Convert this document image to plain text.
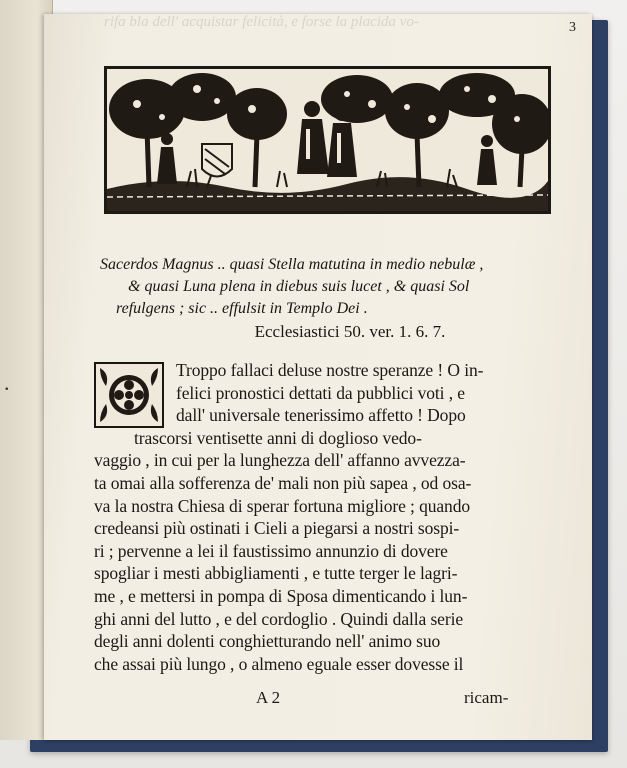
.
rifa bla dell' acquistar felicità, e forse la placida vo-	3
Sacerdos Magnus .. quasi Stella matutina in medio nebulæ ,
& quasi Luna plena in diebus suis lucet , & quasi Sol
refulgens ; sic .. effulsit in Templo Dei .
Ecclesiastici 50. ver. 1. 6. 7.
Troppo fallaci deluse nostre speranze ! O in-
felici pronostici dettati da pubblici voti , e
dall' universale tenerissimo affetto ! Dopo
trascorsi ventisette anni di doglioso vedo-
vaggio , in cui per la lunghezza dell' affanno avvezza-
ta omai alla sofferenza de' mali non più sapea , od osa-
va la nostra Chiesa di sperar fortuna migliore ; quando
credeansi più ostinati i Cieli a piegarsi a nostri sospi-
ri ; pervenne a lei il faustissimo annunzio di dovere
spogliar i mesti abbigliamenti , e tutte terger le lagri-
me , e mettersi in pompa di Sposa dimenticando i lun-
ghi anni del lutto , e del cordoglio . Quindi dalla serie
degli anni dolenti conghietturando nell' animo suo
che assai più lungo , o almeno eguale esser dovesse il
A 2	ricam-
